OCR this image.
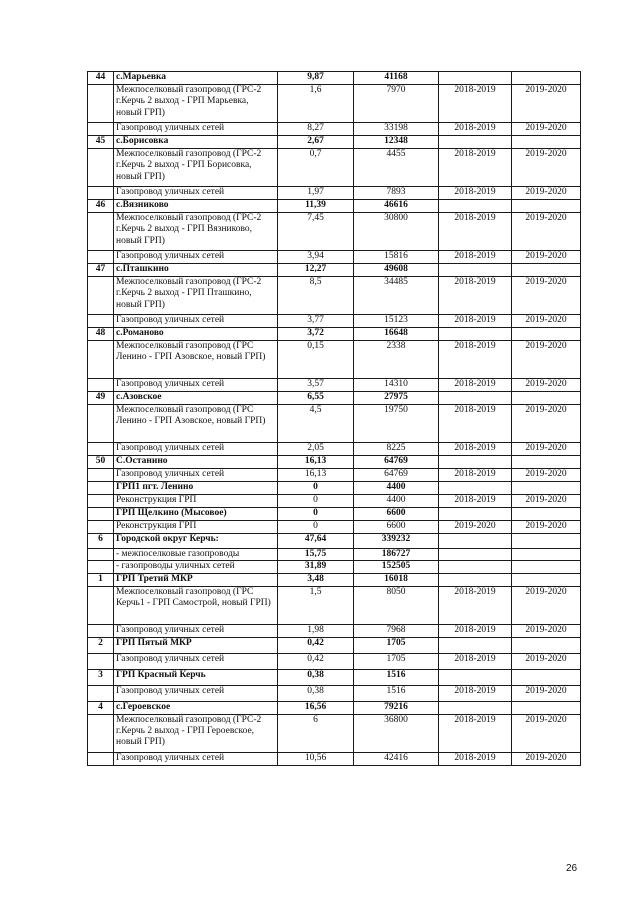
44	с.Марьевка	9,87	41168		
	Межпоселковый газопровод (ГРС-2 г.Керчь 2 выход - ГРП Марьевка, новый ГРП)	1,6	7970	2018-2019	2019-2020
	Газопровод уличных сетей	8,27	33198	2018-2019	2019-2020
45	с.Борисовка	2,67	12348		
	Межпоселковый газопровод (ГРС-2 г.Керчь 2 выход - ГРП Борисовка, новый ГРП)	0,7	4455	2018-2019	2019-2020
	Газопровод уличных сетей	1,97	7893	2018-2019	2019-2020
46	с.Вязниково	11,39	46616		
	Межпоселковый газопровод (ГРС-2 г.Керчь 2 выход - ГРП Вязниково, новый ГРП)	7,45	30800	2018-2019	2019-2020
	Газопровод уличных сетей	3,94	15816	2018-2019	2019-2020
47	с.Пташкино	12,27	49608		
	Межпоселковый газопровод (ГРС-2 г.Керчь 2 выход - ГРП Пташкино, новый ГРП)	8,5	34485	2018-2019	2019-2020
	Газопровод уличных сетей	3,77	15123	2018-2019	2019-2020
48	с.Романово	3,72	16648		
	Межпоселковый газопровод (ГРС Ленино - ГРП Азовское, новый ГРП)	0,15	2338	2018-2019	2019-2020
	Газопровод уличных сетей	3,57	14310	2018-2019	2019-2020
49	с.Азовское	6,55	27975		
	Межпоселковый газопровод (ГРС Ленино - ГРП Азовское, новый ГРП)	4,5	19750	2018-2019	2019-2020
	Газопровод уличных сетей	2,05	8225	2018-2019	2019-2020
50	С.Останино	16,13	64769		
	Газопровод уличных сетей	16,13	64769	2018-2019	2019-2020
	ГРП1 пгт. Ленино	0	4400		
	Реконструкция ГРП	0	4400	2018-2019	2019-2020
	ГРП Щелкино (Мысовое)	0	6600		
	Реконструкция ГРП	0	6600	2019-2020	2019-2020
6	Городской округ Керчь:	47,64	339232		
	- межпоселковые газопроводы	15,75	186727		
	- газопроводы уличных сетей	31,89	152505		
1	ГРП Третий МКР	3,48	16018		
	Межпоселковый газопровод (ГРС Керчь1 - ГРП Самострой, новый ГРП)	1,5	8050	2018-2019	2019-2020
	Газопровод уличных сетей	1,98	7968	2018-2019	2019-2020
2	ГРП Пятый МКР	0,42	1705		
	Газопровод уличных сетей	0,42	1705	2018-2019	2019-2020
3	ГРП Красный Керчь	0,38	1516		
	Газопровод уличных сетей	0,38	1516	2018-2019	2019-2020
4	с.Героевское	16,56	79216		
	Межпоселковый газопровод (ГРС-2 г.Керчь 2 выход - ГРП Героевское, новый ГРП)	6	36800	2018-2019	2019-2020
	Газопровод уличных сетей	10,56	42416	2018-2019	2019-2020
26
